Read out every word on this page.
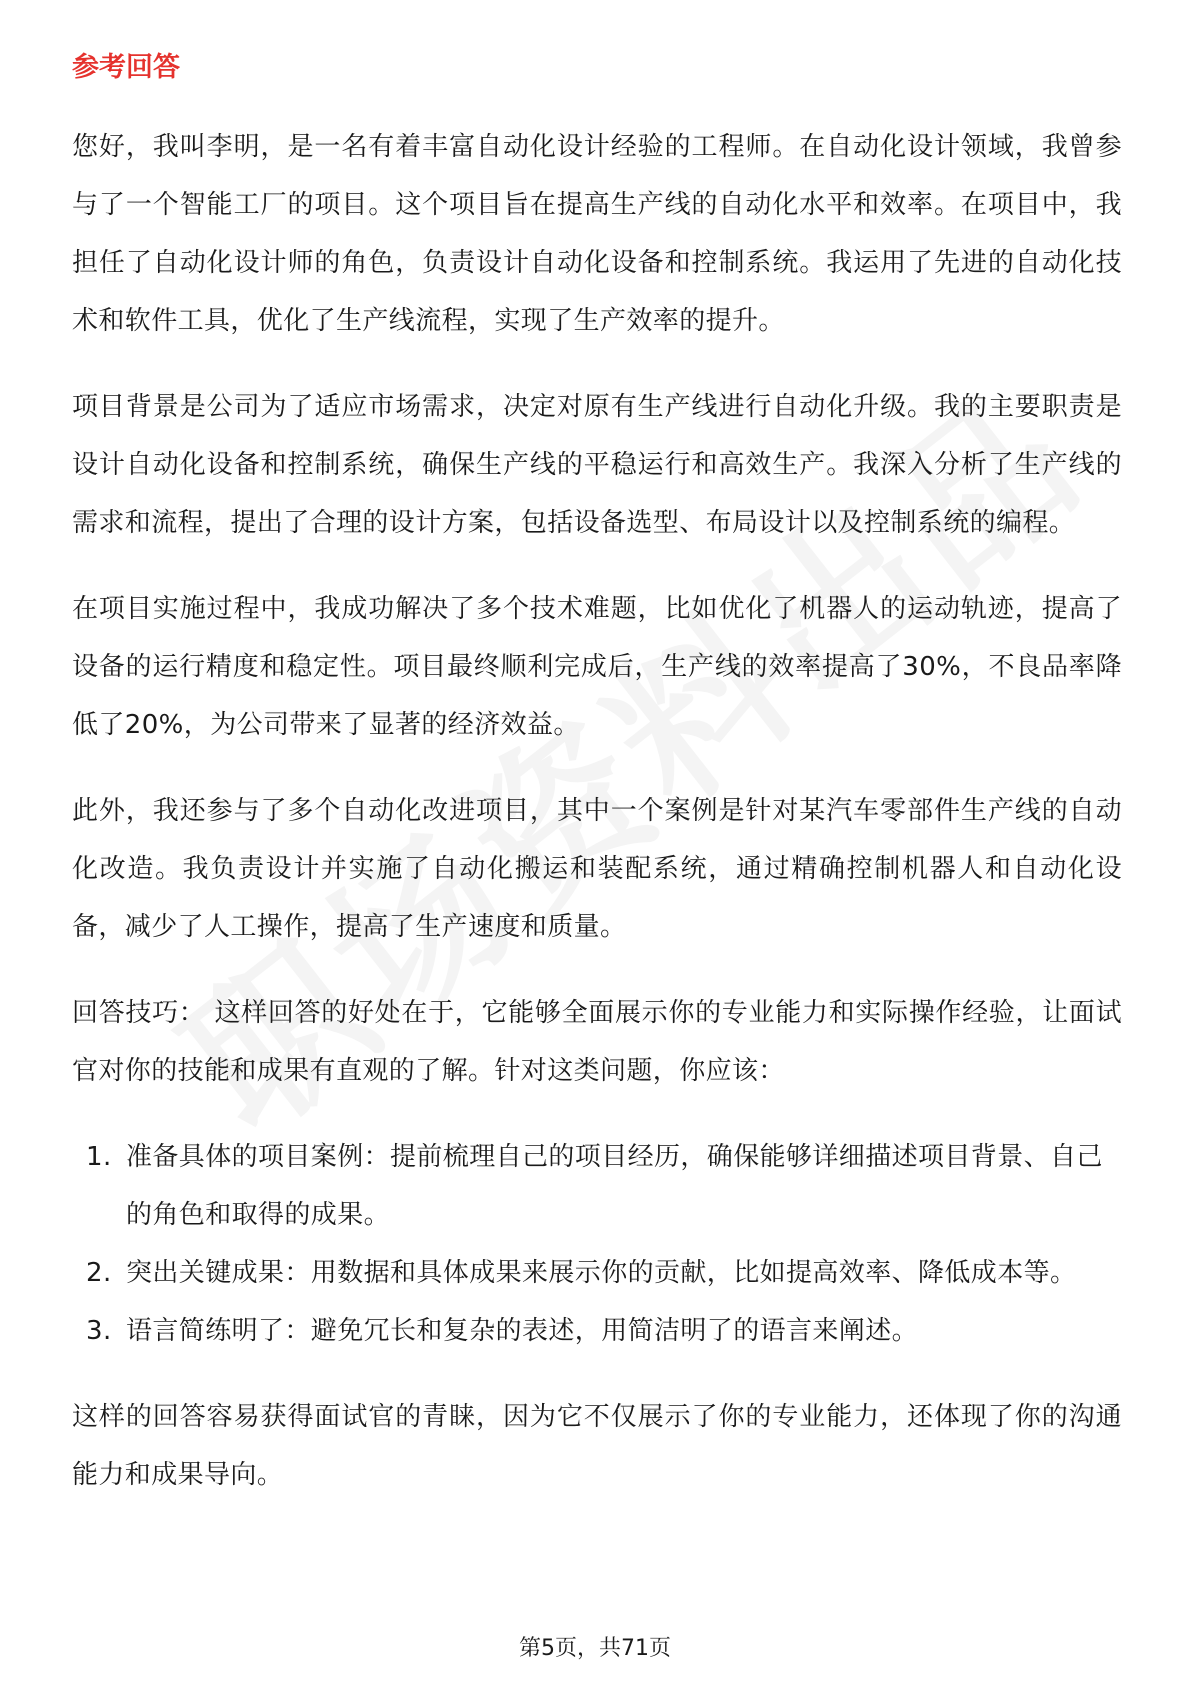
参考回答

您好，我叫李明，是一名有着丰富自动化设计经验的工程师。在自动化设计领域，我曾参与了一个智能工厂的项目。这个项目旨在提高生产线的自动化水平和效率。在项目中，我担任了自动化设计师的角色，负责设计自动化设备和控制系统。我运用了先进的自动化技术和软件工具，优化了生产线流程，实现了生产效率的提升。

项目背景是公司为了适应市场需求，决定对原有生产线进行自动化升级。我的主要职责是设计自动化设备和控制系统，确保生产线的平稳运行和高效生产。我深入分析了生产线的需求和流程，提出了合理的设计方案，包括设备选型、布局设计以及控制系统的编程。

在项目实施过程中，我成功解决了多个技术难题，比如优化了机器人的运动轨迹，提高了设备的运行精度和稳定性。项目最终顺利完成后，生产线的效率提高了30%，不良品率降低了20%，为公司带来了显著的经济效益。

此外，我还参与了多个自动化改进项目，其中一个案例是针对某汽车零部件生产线的自动化改造。我负责设计并实施了自动化搬运和装配系统，通过精确控制机器人和自动化设备，减少了人工操作，提高了生产速度和质量。

回答技巧： 这样回答的好处在于，它能够全面展示你的专业能力和实际操作经验，让面试官对你的技能和成果有直观的了解。针对这类问题，你应该：

1. 准备具体的项目案例：提前梳理自己的项目经历，确保能够详细描述项目背景、自己的角色和取得的成果。
2. 突出关键成果：用数据和具体成果来展示你的贡献，比如提高效率、降低成本等。
3. 语言简练明了：避免冗长和复杂的表述，用简洁明了的语言来阐述。

这样的回答容易获得面试官的青睐，因为它不仅展示了你的专业能力，还体现了你的沟通能力和成果导向。

第5页，共71页
